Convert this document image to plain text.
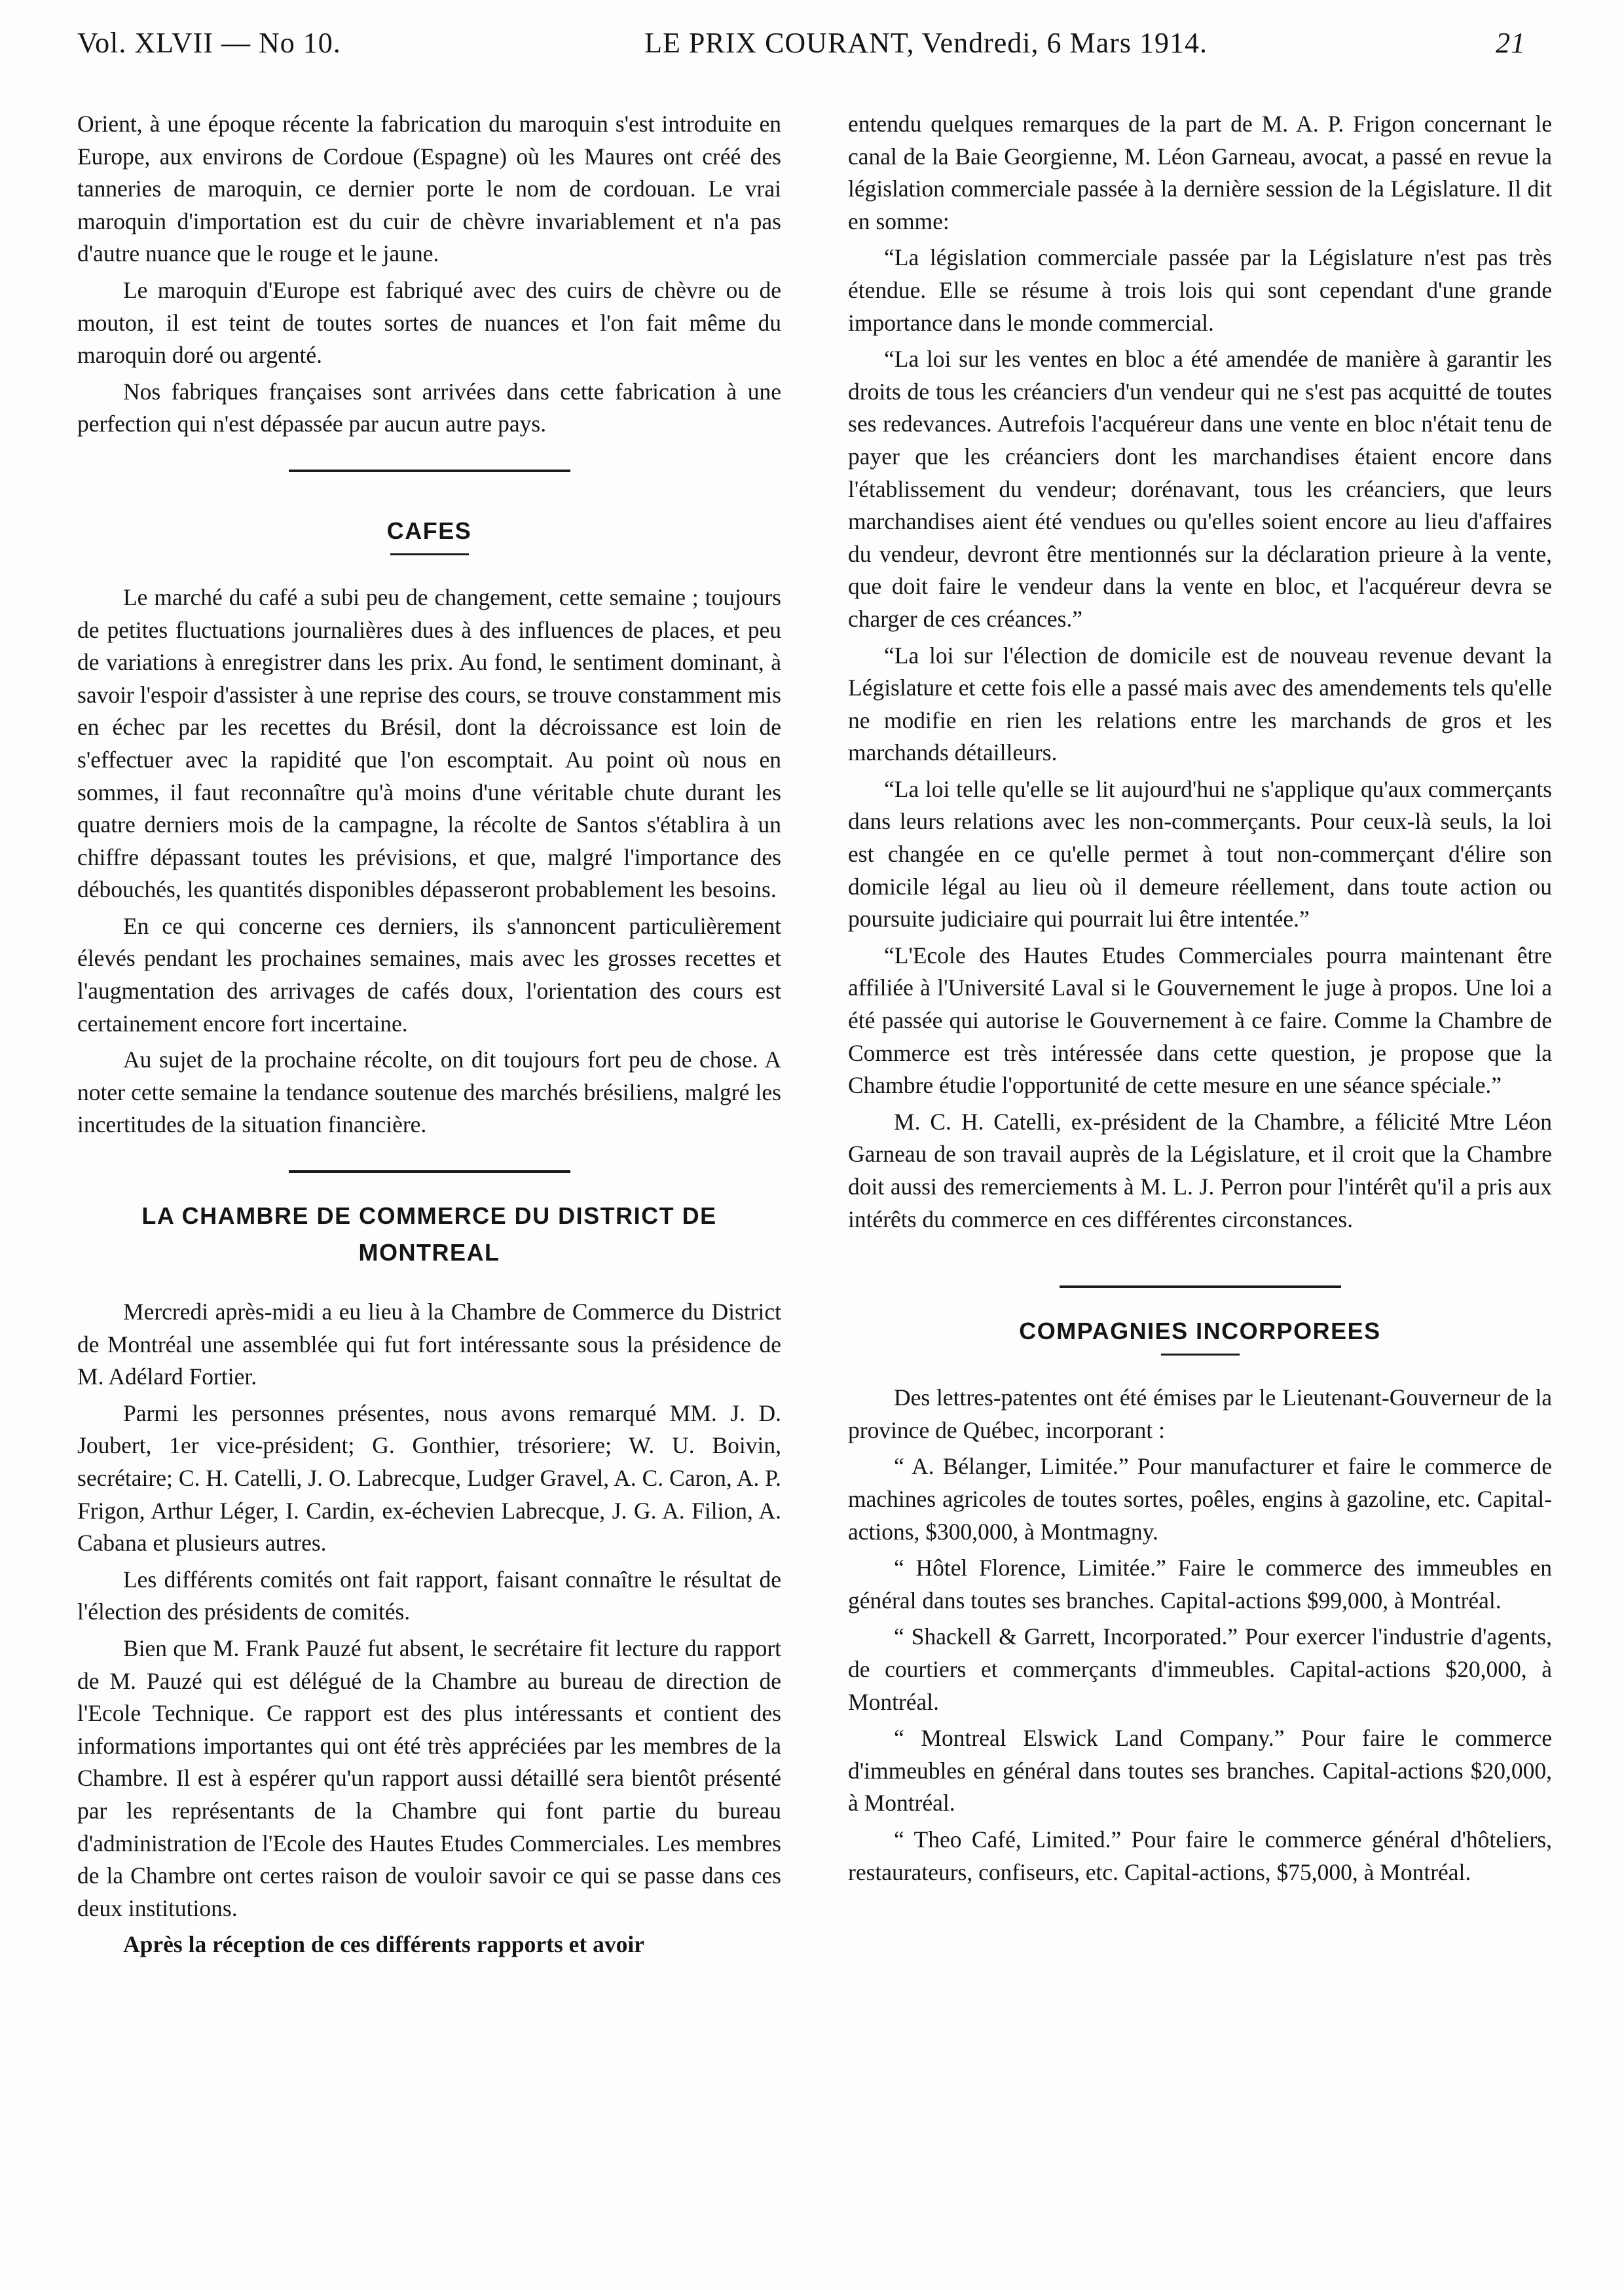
Vol. XLVII — No 10.	LE PRIX COURANT, Vendredi, 6 Mars 1914.	21

Orient, à une époque récente la fabrication du maroquin s'est introduite en Europe, aux environs de Cordoue (Espagne) où les Maures ont créé des tanneries de maroquin, ce dernier porte le nom de cordouan. Le vrai maroquin d'importation est du cuir de chèvre invariablement et n'a pas d'autre nuance que le rouge et le jaune.

Le maroquin d'Europe est fabriqué avec des cuirs de chèvre ou de mouton, il est teint de toutes sortes de nuances et l'on fait même du maroquin doré ou argenté.

Nos fabriques françaises sont arrivées dans cette fabrication à une perfection qui n'est dépassée par aucun autre pays.

CAFES

Le marché du café a subi peu de changement, cette semaine ; toujours de petites fluctuations journalières dues à des influences de places, et peu de variations à enregistrer dans les prix. Au fond, le sentiment dominant, à savoir l'espoir d'assister à une reprise des cours, se trouve constamment mis en échec par les recettes du Brésil, dont la décroissance est loin de s'effectuer avec la rapidité que l'on escomptait. Au point où nous en sommes, il faut reconnaître qu'à moins d'une véritable chute durant les quatre derniers mois de la campagne, la récolte de Santos s'établira à un chiffre dépassant toutes les prévisions, et que, malgré l'importance des débouchés, les quantités disponibles dépasseront probablement les besoins.

En ce qui concerne ces derniers, ils s'annoncent particulièrement élevés pendant les prochaines semaines, mais avec les grosses recettes et l'augmentation des arrivages de cafés doux, l'orientation des cours est certainement encore fort incertaine.

Au sujet de la prochaine récolte, on dit toujours fort peu de chose. A noter cette semaine la tendance soutenue des marchés brésiliens, malgré les incertitudes de la situation financière.

LA CHAMBRE DE COMMERCE DU DISTRICT DE MONTREAL

Mercredi après-midi a eu lieu à la Chambre de Commerce du District de Montréal une assemblée qui fut fort intéressante sous la présidence de M. Adélard Fortier.

Parmi les personnes présentes, nous avons remarqué MM. J. D. Joubert, 1er vice-président; G. Gonthier, trésoriere; W. U. Boivin, secrétaire; C. H. Catelli, J. O. Labrecque, Ludger Gravel, A. C. Caron, A. P. Frigon, Arthur Léger, I. Cardin, ex-échevien Labrecque, J. G. A. Filion, A. Cabana et plusieurs autres.

Les différents comités ont fait rapport, faisant connaître le résultat de l'élection des présidents de comités.

Bien que M. Frank Pauzé fut absent, le secrétaire fit lecture du rapport de M. Pauzé qui est délégué de la Chambre au bureau de direction de l'Ecole Technique. Ce rapport est des plus intéressants et contient des informations importantes qui ont été très appréciées par les membres de la Chambre. Il est à espérer qu'un rapport aussi détaillé sera bientôt présenté par les représentants de la Chambre qui font partie du bureau d'administration de l'Ecole des Hautes Etudes Commerciales. Les membres de la Chambre ont certes raison de vouloir savoir ce qui se passe dans ces deux institutions.

Après la réception de ces différents rapports et avoir

entendu quelques remarques de la part de M. A. P. Frigon concernant le canal de la Baie Georgienne, M. Léon Garneau, avocat, a passé en revue la législation commerciale passée à la dernière session de la Législature. Il dit en somme:

“La législation commerciale passée par la Législature n'est pas très étendue. Elle se résume à trois lois qui sont cependant d'une grande importance dans le monde commercial.

“La loi sur les ventes en bloc a été amendée de manière à garantir les droits de tous les créanciers d'un vendeur qui ne s'est pas acquitté de toutes ses redevances. Autrefois l'acquéreur dans une vente en bloc n'était tenu de payer que les créanciers dont les marchandises étaient encore dans l'établissement du vendeur; dorénavant, tous les créanciers, que leurs marchandises aient été vendues ou qu'elles soient encore au lieu d'affaires du vendeur, devront être mentionnés sur la déclaration prieure à la vente, que doit faire le vendeur dans la vente en bloc, et l'acquéreur devra se charger de ces créances.”

“La loi sur l'élection de domicile est de nouveau revenue devant la Législature et cette fois elle a passé mais avec des amendements tels qu'elle ne modifie en rien les relations entre les marchands de gros et les marchands détailleurs.

“La loi telle qu'elle se lit aujourd'hui ne s'applique qu'aux commerçants dans leurs relations avec les non-commerçants. Pour ceux-là seuls, la loi est changée en ce qu'elle permet à tout non-commerçant d'élire son domicile légal au lieu où il demeure réellement, dans toute action ou poursuite judiciaire qui pourrait lui être intentée.”

“L'Ecole des Hautes Etudes Commerciales pourra maintenant être affiliée à l'Université Laval si le Gouvernement le juge à propos. Une loi a été passée qui autorise le Gouvernement à ce faire. Comme la Chambre de Commerce est très intéressée dans cette question, je propose que la Chambre étudie l'opportunité de cette mesure en une séance spéciale.”

M. C. H. Catelli, ex-président de la Chambre, a félicité Mtre Léon Garneau de son travail auprès de la Législature, et il croit que la Chambre doit aussi des remerciements à M. L. J. Perron pour l'intérêt qu'il a pris aux intérêts du commerce en ces différentes circonstances.

COMPAGNIES INCORPOREES

Des lettres-patentes ont été émises par le Lieutenant-Gouverneur de la province de Québec, incorporant :

“ A. Bélanger, Limitée.” Pour manufacturer et faire le commerce de machines agricoles de toutes sortes, poêles, engins à gazoline, etc. Capital-actions, $300,000, à Montmagny.

“ Hôtel Florence, Limitée.” Faire le commerce des immeubles en général dans toutes ses branches. Capital-actions $99,000, à Montréal.

“ Shackell & Garrett, Incorporated.” Pour exercer l'industrie d'agents, de courtiers et commerçants d'immeubles. Capital-actions $20,000, à Montréal.

“ Montreal Elswick Land Company.” Pour faire le commerce d'immeubles en général dans toutes ses branches. Capital-actions $20,000, à Montréal.

“ Theo Café, Limited.” Pour faire le commerce général d'hôteliers, restaurateurs, confiseurs, etc. Capital-actions, $75,000, à Montréal.
